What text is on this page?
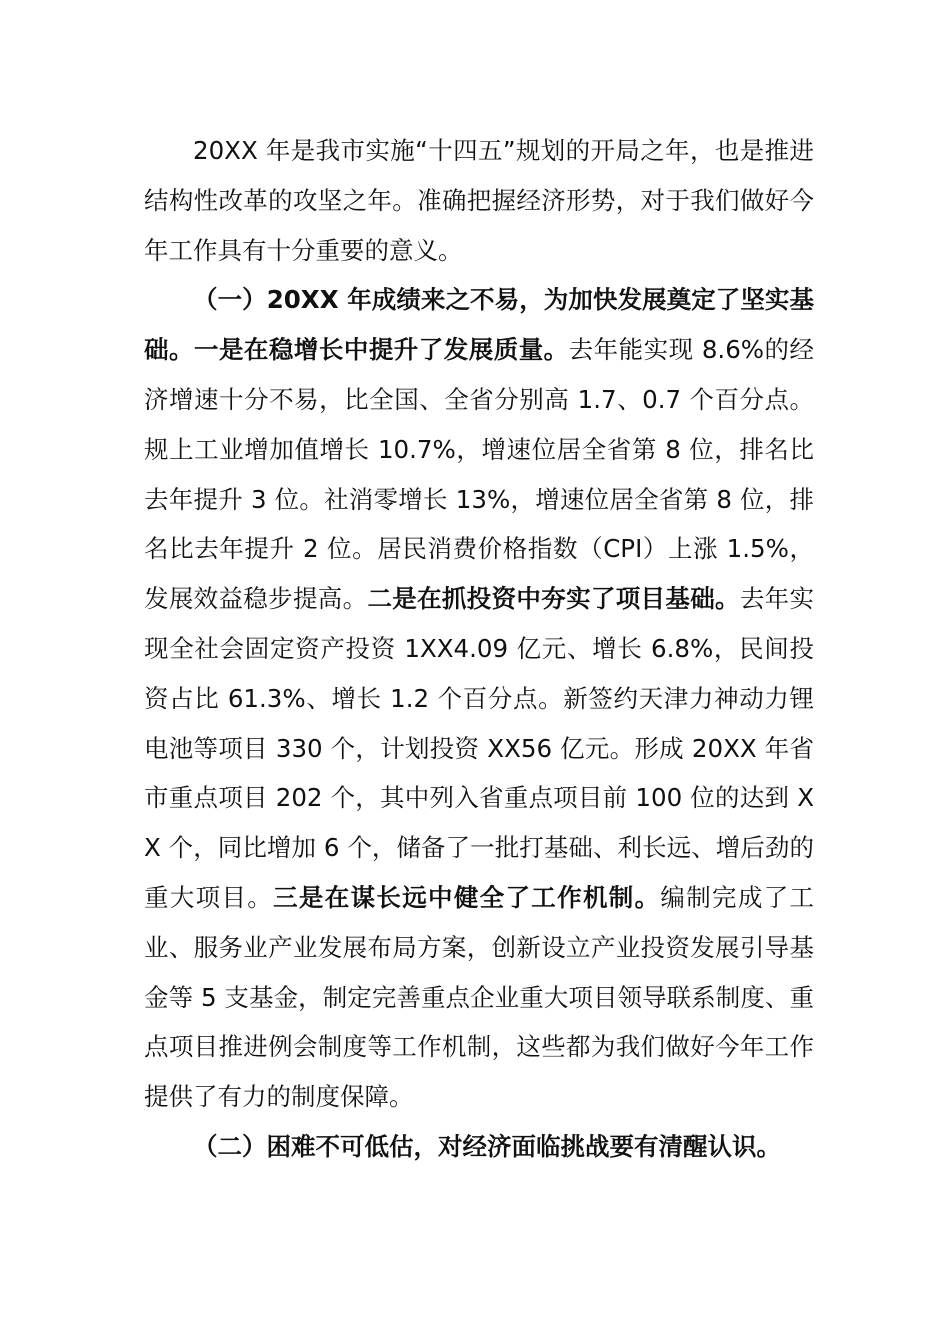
20XX 年是我市实施“十四五”规划的开局之年，也是推进结构性改革的攻坚之年。准确把握经济形势，对于我们做好今年工作具有十分重要的意义。

（一）20XX 年成绩来之不易，为加快发展奠定了坚实基础。一是在稳增长中提升了发展质量。去年能实现 8.6%的经济增速十分不易，比全国、全省分别高 1.7、0.7 个百分点。规上工业增加值增长 10.7%，增速位居全省第 8 位，排名比去年提升 3 位。社消零增长 13%，增速位居全省第 8 位，排名比去年提升 2 位。居民消费价格指数（CPI）上涨 1.5%，发展效益稳步提高。二是在抓投资中夯实了项目基础。去年实现全社会固定资产投资 1XX4.09 亿元、增长 6.8%，民间投资占比 61.3%、增长 1.2 个百分点。新签约天津力神动力锂电池等项目 330 个，计划投资 XX56 亿元。形成 20XX 年省市重点项目 202 个，其中列入省重点项目前 100 位的达到 XX 个，同比增加 6 个，储备了一批打基础、利长远、增后劲的重大项目。三是在谋长远中健全了工作机制。编制完成了工业、服务业产业发展布局方案，创新设立产业投资发展引导基金等 5 支基金，制定完善重点企业重大项目领导联系制度、重点项目推进例会制度等工作机制，这些都为我们做好今年工作提供了有力的制度保障。

（二）困难不可低估，对经济面临挑战要有清醒认识。
